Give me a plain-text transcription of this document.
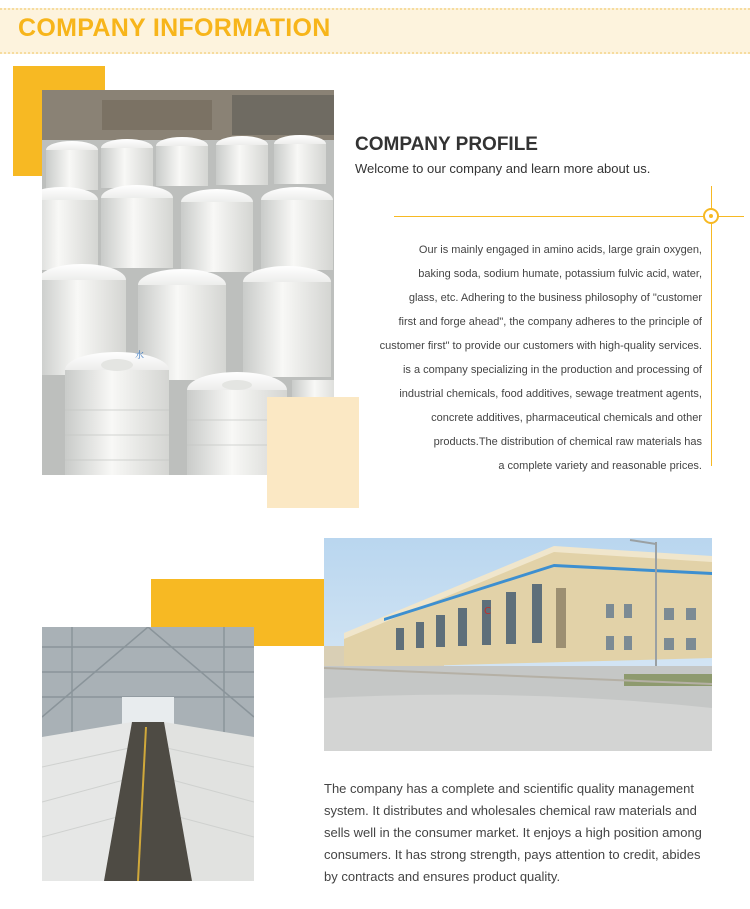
COMPANY INFORMATION
水
COMPANY PROFILE
Welcome to our company and learn more about us.
Our is mainly engaged in amino acids, large grain oxygen,
baking soda, sodium humate, potassium fulvic acid, water,
glass, etc. Adhering to the business philosophy of "customer
first and forge ahead", the company adheres to the principle of
customer first" to provide our customers with high-quality services.
is a company specializing in the production and processing of
industrial chemicals, food additives, sewage treatment agents,
concrete additives, pharmaceutical chemicals and other
products.The distribution of chemical raw materials has
a complete variety and reasonable prices.
C
The company has a complete and scientific quality management
system. It distributes and wholesales chemical raw materials and
sells well in the consumer market. It enjoys a high position among
consumers. It has strong strength, pays attention to credit, abides
by contracts and ensures product quality.
